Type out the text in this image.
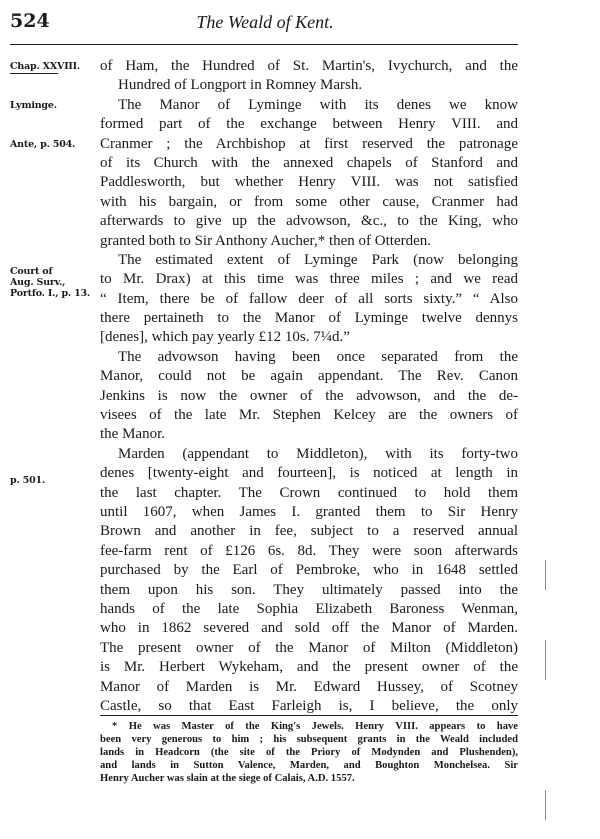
524	The Weald of Kent.
Chap. XXVIII.
Lyminge.
Ante, p. 504.
Court of
Aug. Surv.,
Portfo. I., p. 13.
p. 501.
of Ham, the Hundred of St. Martin's, Ivychurch, and the
Hundred of Longport in Romney Marsh.
The Manor of Lyminge with its denes we know
formed part of the exchange between Henry VIII. and
Cranmer ; the Archbishop at first reserved the patronage
of its Church with the annexed chapels of Stanford and
Paddlesworth, but whether Henry VIII. was not satisfied
with his bargain, or from some other cause, Cranmer had
afterwards to give up the advowson, &c., to the King, who
granted both to Sir Anthony Aucher,* then of Otterden.
The estimated extent of Lyminge Park (now belonging
to Mr. Drax) at this time was three miles ; and we read
“ Item, there be of fallow deer of all sorts sixty.” “ Also
there pertaineth to the Manor of Lyminge twelve dennys
[denes], which pay yearly £12 10s. 7¼d.”
The advowson having been once separated from the
Manor, could not be again appendant. The Rev. Canon
Jenkins is now the owner of the advowson, and the de-
visees of the late Mr. Stephen Kelcey are the owners of
the Manor.
Marden (appendant to Middleton), with its forty-two
denes [twenty-eight and fourteen], is noticed at length in
the last chapter. The Crown continued to hold them
until 1607, when James I. granted them to Sir Henry
Brown and another in fee, subject to a reserved annual
fee-farm rent of £126 6s. 8d. They were soon afterwards
purchased by the Earl of Pembroke, who in 1648 settled
them upon his son. They ultimately passed into the
hands of the late Sophia Elizabeth Baroness Wenman,
who in 1862 severed and sold off the Manor of Marden.
The present owner of the Manor of Milton (Middleton)
is Mr. Herbert Wykeham, and the present owner of the
Manor of Marden is Mr. Edward Hussey, of Scotney
Castle, so that East Farleigh is, I believe, the only
* He was Master of the King's Jewels. Henry VIII. appears to have
been very generous to him ; his subsequent grants in the Weald included
lands in Headcorn (the site of the Priory of Modynden and Plushenden),
and lands in Sutton Valence, Marden, and Boughton Monchelsea. Sir
Henry Aucher was slain at the siege of Calais, A.D. 1557.
